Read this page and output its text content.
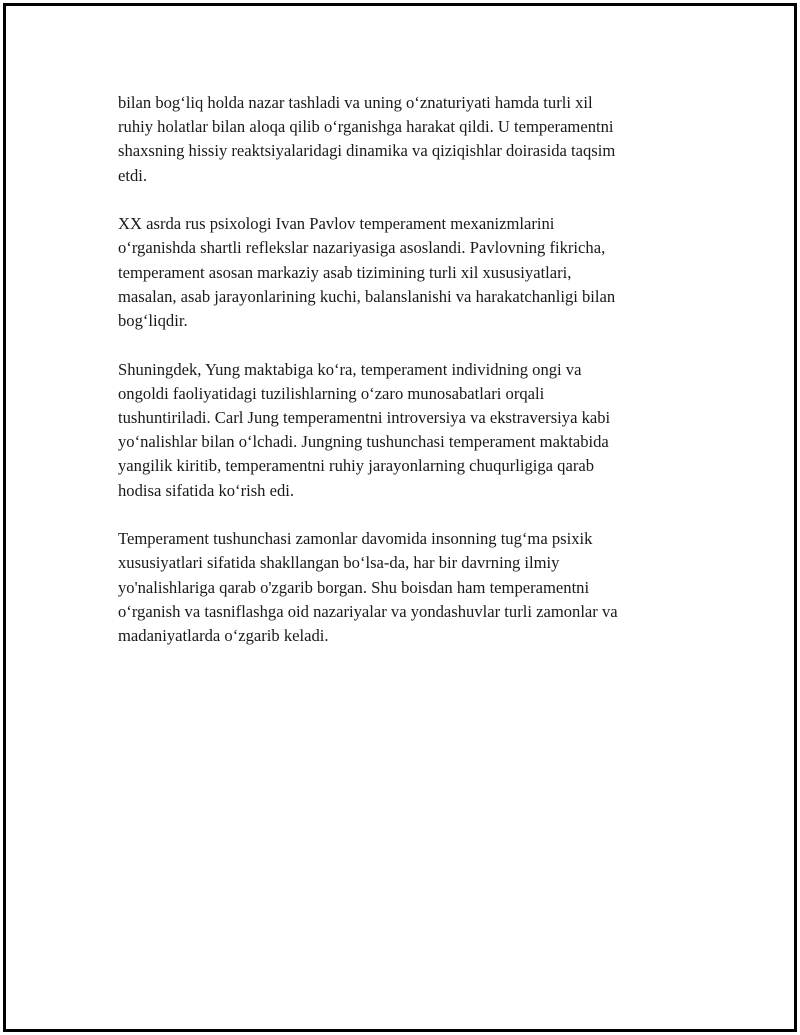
bilan bog‘liq holda nazar tashladi va uning o‘znaturiyati hamda turli xil
ruhiy holatlar bilan aloqa qilib o‘rganishga harakat qildi. U temperamentni
shaxsning hissiy reaktsiyalaridagi dinamika va qiziqishlar doirasida taqsim
etdi.

XX asrda rus psixologi Ivan Pavlov temperament mexanizmlarini
o‘rganishda shartli reflekslar nazariyasiga asoslandi. Pavlovning fikricha,
temperament asosan markaziy asab tizimining turli xil xususiyatlari,
masalan, asab jarayonlarining kuchi, balanslanishi va harakatchanligi bilan
bog‘liqdir.

Shuningdek, Yung maktabiga ko‘ra, temperament individning ongi va
ongoldi faoliyatidagi tuzilishlarning o‘zaro munosabatlari orqali
tushuntiriladi. Carl Jung temperamentni introversiya va ekstraversiya kabi
yo‘nalishlar bilan o‘lchadi. Jungning tushunchasi temperament maktabida
yangilik kiritib, temperamentni ruhiy jarayonlarning chuqurligiga qarab
hodisa sifatida ko‘rish edi.

Temperament tushunchasi zamonlar davomida insonning tug‘ma psixik
xususiyatlari sifatida shakllangan bo‘lsa-da, har bir davrning ilmiy
yo'nalishlariga qarab o'zgarib borgan. Shu boisdan ham temperamentni
o‘rganish va tasniflashga oid nazariyalar va yondashuvlar turli zamonlar va
madaniyatlarda o‘zgarib keladi.
